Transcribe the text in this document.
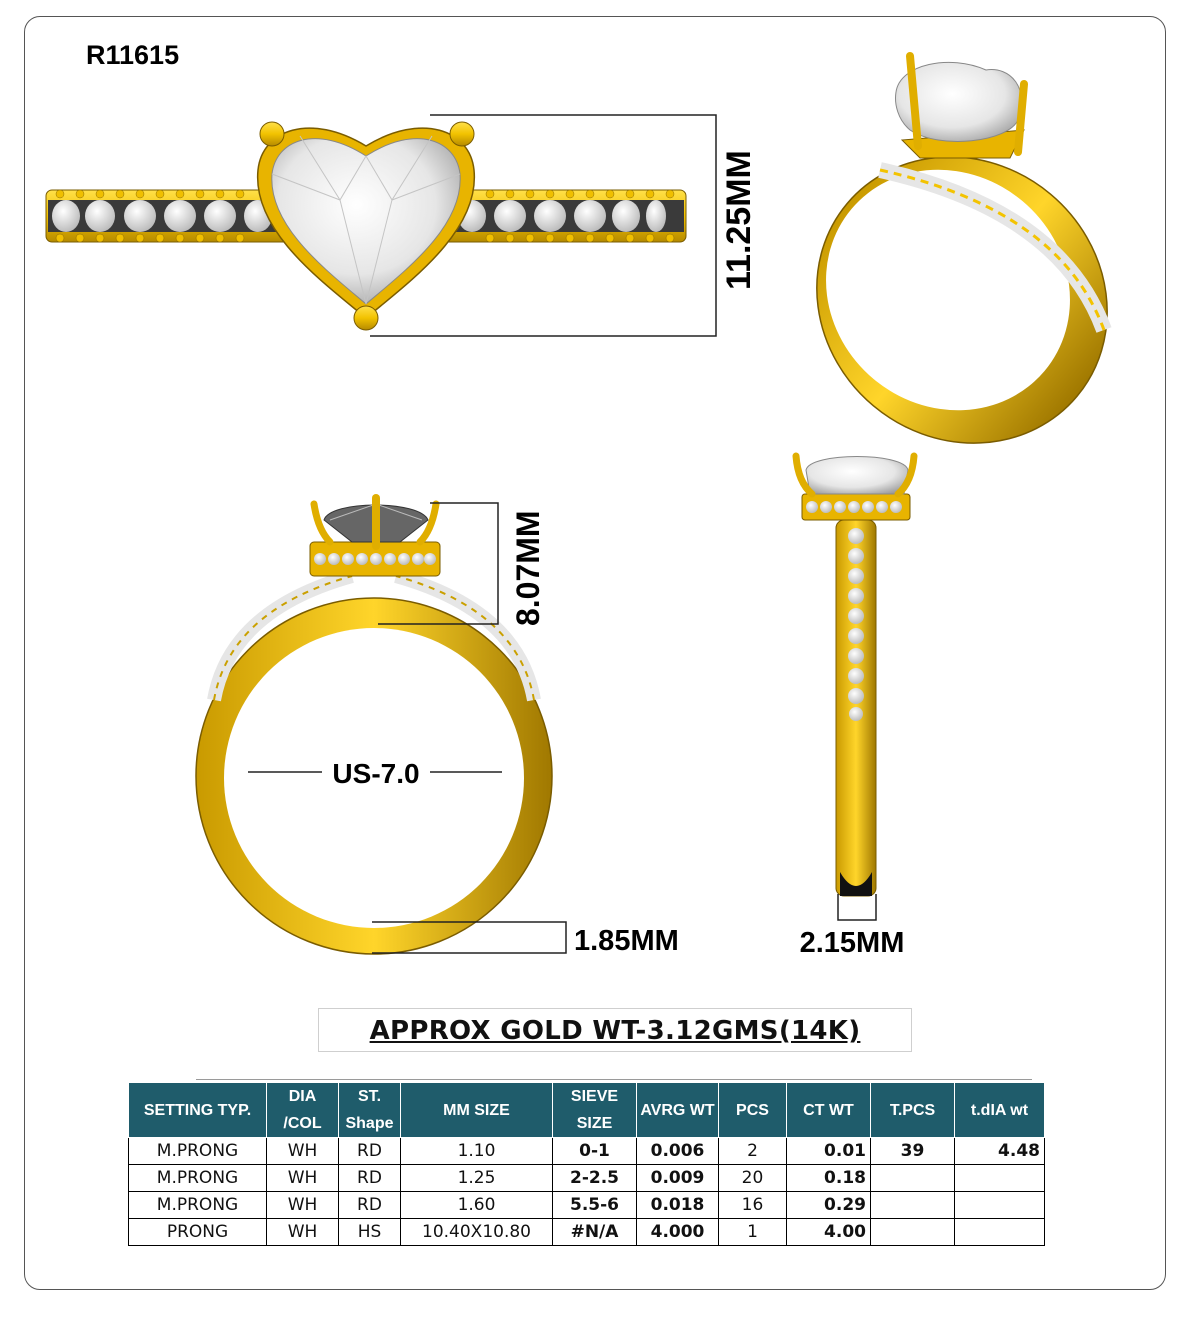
R11615
11.25MM
8.07MM
US-7.0
1.85MM	2.15MM
APPROX GOLD WT-3.12GMS(14K)
SETTING TYP.	DIA /COL	ST. Shape	MM SIZE	SIEVE SIZE	AVRG WT	PCS	CT WT	T.PCS	t.dIA wt
M.PRONG	WH	RD	1.10	0-1	0.006	2	0.01	39	4.48
M.PRONG	WH	RD	1.25	2-2.5	0.009	20	0.18		
M.PRONG	WH	RD	1.60	5.5-6	0.018	16	0.29		
PRONG	WH	HS	10.40X10.80	#N/A	4.000	1	4.00		
